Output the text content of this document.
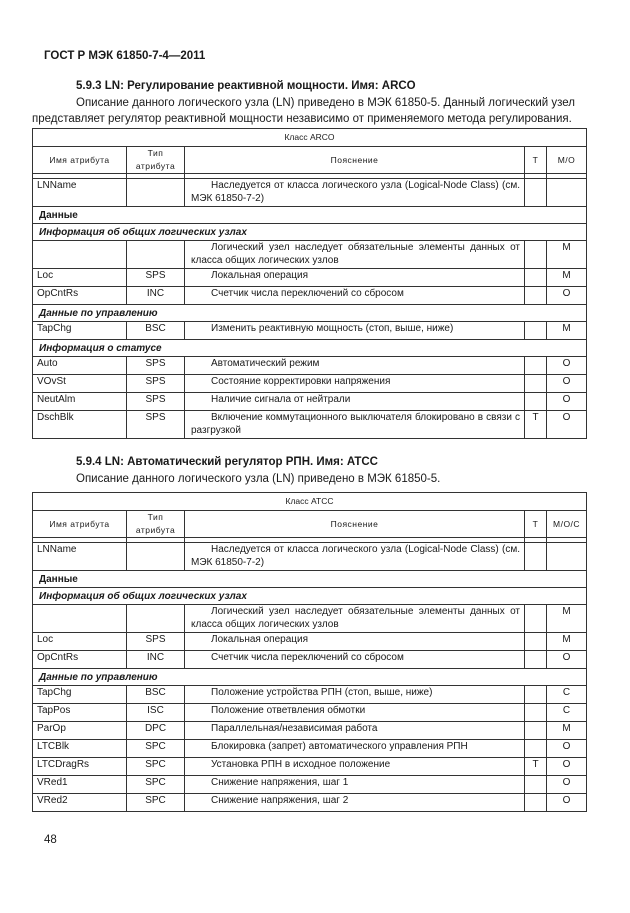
ГОСТ Р МЭК 61850-7-4—2011
5.9.3 LN: Регулирование реактивной мощности. Имя: ARCO
Описание данного логического узла (LN) приведено в МЭК 61850-5. Данный логический узел представляет регулятор реактивной мощности независимо от применяемого метода регулирования.
Класс ARCO				
Имя атрибута	Тип атрибута	Пояснение	Т	М/О

LNName		Наследуется от класса логического узла (Logical-Node Class) (см. МЭК 61850-7-2)		
Данные				
Информация об общих логических узлах				
		Логический узел наследует обязательные элементы данных от класса общих логических узлов		M
Loc	SPS	Локальная операция		M
OpCntRs	INC	Счетчик числа переключений со сбросом		O
Данные по управлению				
TapChg	BSC	Изменить реактивную мощность (стоп, выше, ниже)		M
Информация о статусе				
Auto	SPS	Автоматический режим		O
VOvSt	SPS	Состояние корректировки напряжения		O
NeutAlm	SPS	Наличие сигнала от нейтрали		O
DschBlk	SPS	Включение коммутационного выключателя блокировано в связи с разгрузкой	T	O
5.9.4 LN: Автоматический регулятор РПН. Имя: ATCC
Описание данного логического узла (LN) приведено в МЭК 61850-5.
Класс ATCC				
Имя атрибута	Тип атрибута	Пояснение	Т	М/О/С

LNName		Наследуется от класса логического узла (Logical-Node Class) (см. МЭК 61850-7-2)		
Данные				
Информация об общих логических узлах				
		Логический узел наследует обязательные элементы данных от класса общих логических узлов		M
Loc	SPS	Локальная операция		M
OpCntRs	INC	Счетчик числа переключений со сбросом		O
Данные по управлению				
TapChg	BSC	Положение устройства РПН (стоп, выше, ниже)		C
TapPos	ISC	Положение ответвления обмотки		C
ParOp	DPC	Параллельная/независимая работа		M
LTCBlk	SPC	Блокировка (запрет) автоматического управления РПН		O
LTCDragRs	SPC	Установка РПН в исходное положение	T	O
VRed1	SPC	Снижение напряжения, шаг 1		O
VRed2	SPC	Снижение напряжения, шаг 2		O
48
